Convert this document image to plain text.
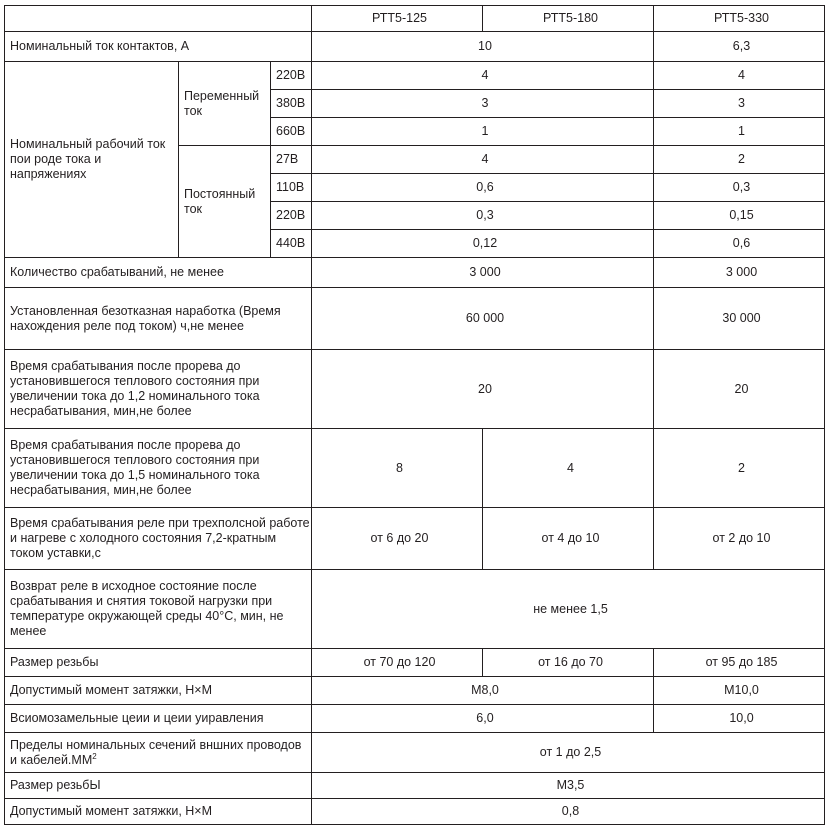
			РТТ5-125	РТТ5-180	РТТ5-330
Номинальный ток контактов, А			10		6,3
Номинальный рабочий ток пои роде тока и напряжениях	Переменный ток	220В	4		4
		380В	3		3
		660В	1		1
	Постоянный ток	27В	4		2
		110В	0,6		0,3
		220В	0,3		0,15
		440В	0,12		0,6
Количество срабатываний, не менее			3 000		3 000
Установленная безотказная наработка (Время нахождения реле под током) ч,не менее			60 000		30 000
Время срабатывания после прорева до установившегося теплового состояния при увеличении тока до 1,2 номинального тока несрабатывания, мин,не более			20		20
Время срабатывания после прорева до установившегося теплового состояния при увеличении тока до 1,5 номинального тока несрабатывания, мин,не более			8	4	2
Время срабатывания реле при трехполсной работе и нагреве с холодного состояния 7,2-кратным током уставки,с			от 6 до 20	от 4 до 10	от 2 до 10
Возврат реле в исходное состояние после срабатывания и снятия токовой нагрузки при температуре окружающей среды 40°С, мин, не менее			не менее 1,5		
Размер резьбы			от 70 до 120	от 16 до 70	от 95 до 185
Допустимый момент затяжки, Н×М			М8,0		М10,0
Всиомозамельные цеии и цеии уиравления			6,0		10,0
Пределы номинальных сечений вншних проводов и $кабелей.ММ^2$			от 1 до 2,5		
Размер резьбЫ			М3,5		
Допустимый момент затяжки, Н×М			0,8		
